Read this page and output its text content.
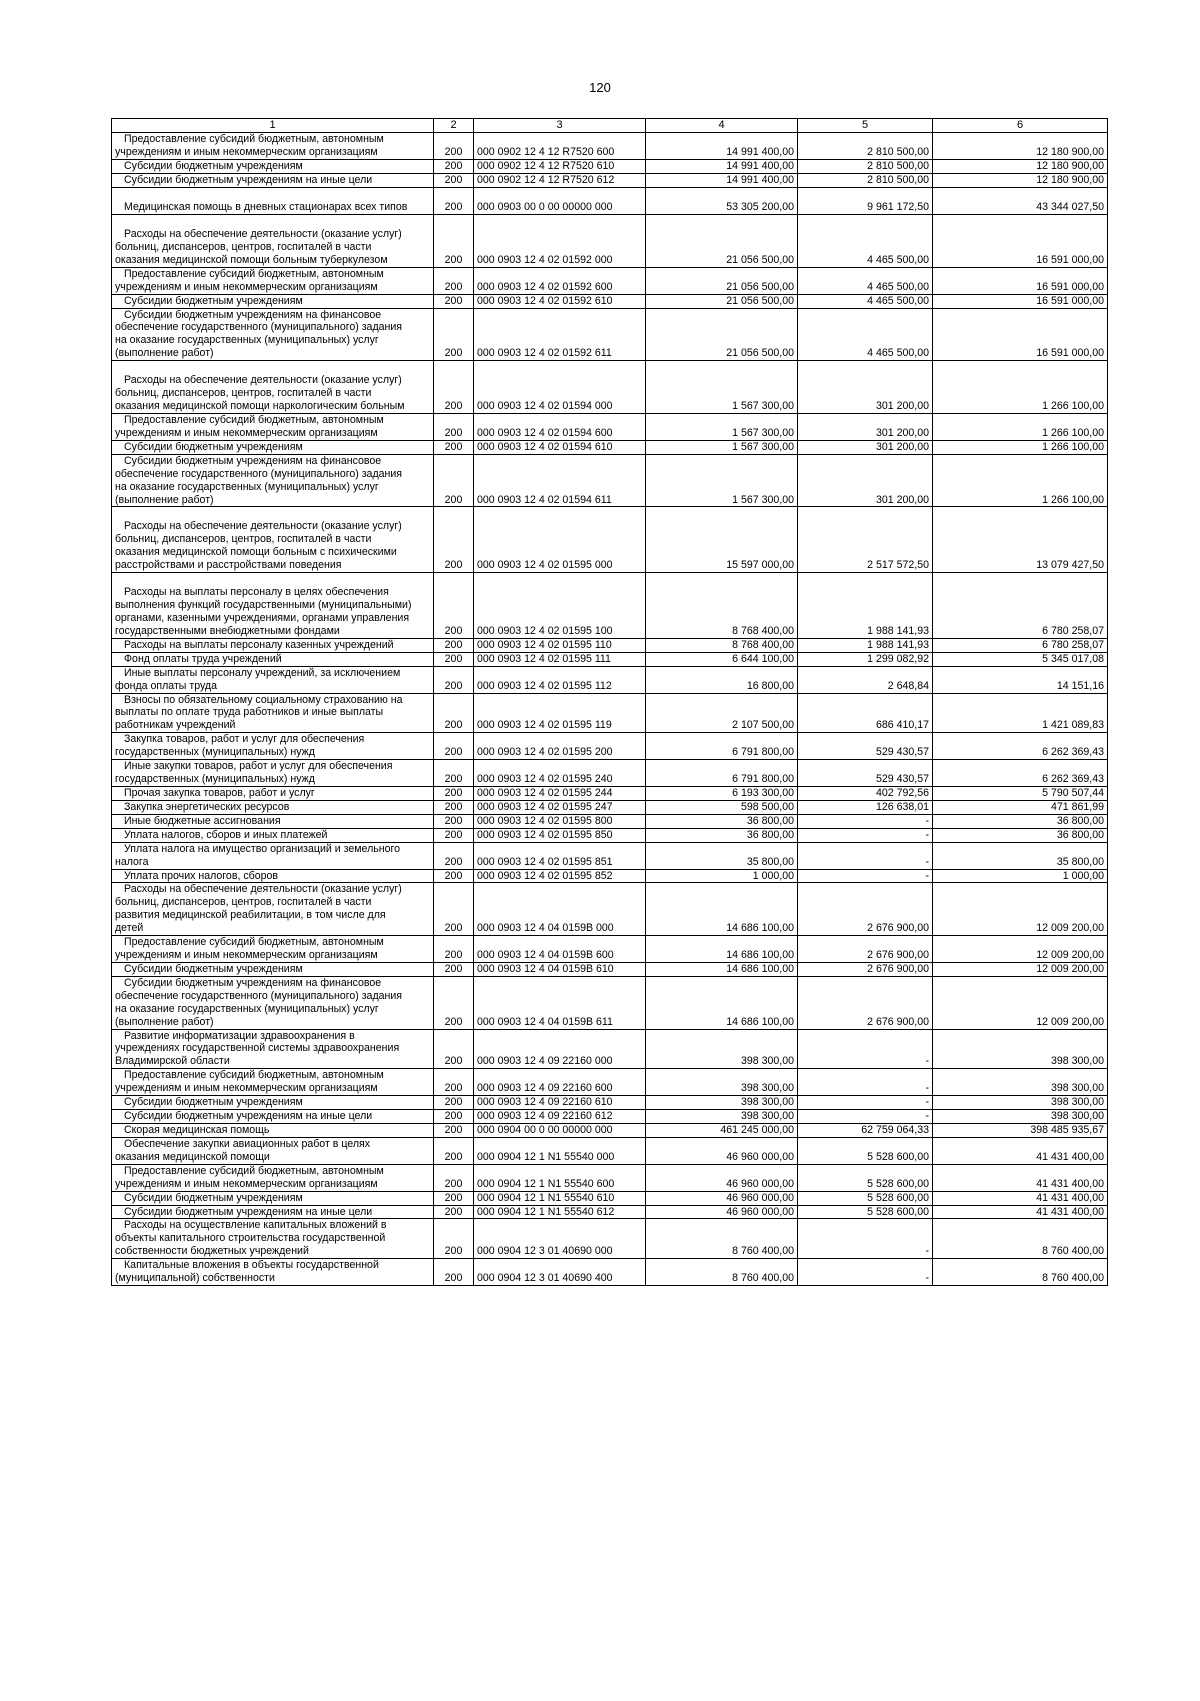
120
1	2	3	4	5	6

Предоставление субсидий бюджетным, автономным
учреждениям и иным некоммерческим организациям	200	000 0902 12 4 12 R7520 600	14 991 400,00	2 810 500,00	12 180 900,00

Субсидии бюджетным учреждениям	200	000 0902 12 4 12 R7520 610	14 991 400,00	2 810 500,00	12 180 900,00

Субсидии бюджетным учреждениям на иные цели	200	000 0902 12 4 12 R7520 612	14 991 400,00	2 810 500,00	12 180 900,00

Медицинская помощь в дневных стационарах всех типов	200	000 0903 00 0 00 00000 000	53 305 200,00	9 961 172,50	43 344 027,50

Расходы на обеспечение деятельности (оказание услуг)
больниц, диспансеров, центров, госпиталей в части
оказания медицинской помощи больным туберкулезом	200	000 0903 12 4 02 01592 000	21 056 500,00	4 465 500,00	16 591 000,00

Предоставление субсидий бюджетным, автономным
учреждениям и иным некоммерческим организациям	200	000 0903 12 4 02 01592 600	21 056 500,00	4 465 500,00	16 591 000,00

Субсидии бюджетным учреждениям	200	000 0903 12 4 02 01592 610	21 056 500,00	4 465 500,00	16 591 000,00

Субсидии бюджетным учреждениям на финансовое
обеспечение государственного (муниципального) задания
на оказание государственных (муниципальных) услуг
(выполнение работ)	200	000 0903 12 4 02 01592 611	21 056 500,00	4 465 500,00	16 591 000,00

Расходы на обеспечение деятельности (оказание услуг)
больниц, диспансеров, центров, госпиталей в части
оказания медицинской помощи наркологическим больным	200	000 0903 12 4 02 01594 000	1 567 300,00	301 200,00	1 266 100,00

Предоставление субсидий бюджетным, автономным
учреждениям и иным некоммерческим организациям	200	000 0903 12 4 02 01594 600	1 567 300,00	301 200,00	1 266 100,00

Субсидии бюджетным учреждениям	200	000 0903 12 4 02 01594 610	1 567 300,00	301 200,00	1 266 100,00

Субсидии бюджетным учреждениям на финансовое
обеспечение государственного (муниципального) задания
на оказание государственных (муниципальных) услуг
(выполнение работ)	200	000 0903 12 4 02 01594 611	1 567 300,00	301 200,00	1 266 100,00

Расходы на обеспечение деятельности (оказание услуг)
больниц, диспансеров, центров, госпиталей в части
оказания медицинской помощи больным с психическими
расстройствами и расстройствами поведения	200	000 0903 12 4 02 01595 000	15 597 000,00	2 517 572,50	13 079 427,50

Расходы на выплаты персоналу в целях обеспечения
выполнения функций государственными (муниципальными)
органами, казенными учреждениями, органами управления
государственными внебюджетными фондами	200	000 0903 12 4 02 01595 100	8 768 400,00	1 988 141,93	6 780 258,07

Расходы на выплаты персоналу казенных учреждений	200	000 0903 12 4 02 01595 110	8 768 400,00	1 988 141,93	6 780 258,07

Фонд оплаты труда учреждений	200	000 0903 12 4 02 01595 111	6 644 100,00	1 299 082,92	5 345 017,08

Иные выплаты персоналу учреждений, за исключением
фонда оплаты труда	200	000 0903 12 4 02 01595 112	16 800,00	2 648,84	14 151,16

Взносы по обязательному социальному страхованию на
выплаты по оплате труда работников и иные выплаты
работникам учреждений	200	000 0903 12 4 02 01595 119	2 107 500,00	686 410,17	1 421 089,83

Закупка товаров, работ и услуг для обеспечения
государственных (муниципальных) нужд	200	000 0903 12 4 02 01595 200	6 791 800,00	529 430,57	6 262 369,43

Иные закупки товаров, работ и услуг для обеспечения
государственных (муниципальных) нужд	200	000 0903 12 4 02 01595 240	6 791 800,00	529 430,57	6 262 369,43

Прочая закупка товаров, работ и услуг	200	000 0903 12 4 02 01595 244	6 193 300,00	402 792,56	5 790 507,44

Закупка энергетических ресурсов	200	000 0903 12 4 02 01595 247	598 500,00	126 638,01	471 861,99

Иные бюджетные ассигнования	200	000 0903 12 4 02 01595 800	36 800,00	-	36 800,00

Уплата налогов, сборов и иных платежей	200	000 0903 12 4 02 01595 850	36 800,00	-	36 800,00

Уплата налога на имущество организаций и земельного
налога	200	000 0903 12 4 02 01595 851	35 800,00	-	35 800,00

Уплата прочих налогов, сборов	200	000 0903 12 4 02 01595 852	1 000,00	-	1 000,00

Расходы на обеспечение деятельности (оказание услуг)
больниц, диспансеров, центров, госпиталей в части
развития медицинской реабилитации, в том числе для
детей	200	000 0903 12 4 04 0159В 000	14 686 100,00	2 676 900,00	12 009 200,00

Предоставление субсидий бюджетным, автономным
учреждениям и иным некоммерческим организациям	200	000 0903 12 4 04 0159В 600	14 686 100,00	2 676 900,00	12 009 200,00

Субсидии бюджетным учреждениям	200	000 0903 12 4 04 0159В 610	14 686 100,00	2 676 900,00	12 009 200,00

Субсидии бюджетным учреждениям на финансовое
обеспечение государственного (муниципального) задания
на оказание государственных (муниципальных) услуг
(выполнение работ)	200	000 0903 12 4 04 0159В 611	14 686 100,00	2 676 900,00	12 009 200,00

Развитие информатизации здравоохранения в
учреждениях государственной системы здравоохранения
Владимирской области	200	000 0903 12 4 09 22160 000	398 300,00	-	398 300,00

Предоставление субсидий бюджетным, автономным
учреждениям и иным некоммерческим организациям	200	000 0903 12 4 09 22160 600	398 300,00	-	398 300,00

Субсидии бюджетным учреждениям	200	000 0903 12 4 09 22160 610	398 300,00	-	398 300,00

Субсидии бюджетным учреждениям на иные цели	200	000 0903 12 4 09 22160 612	398 300,00	-	398 300,00

Скорая медицинская помощь	200	000 0904 00 0 00 00000 000	461 245 000,00	62 759 064,33	398 485 935,67

Обеспечение закупки авиационных работ в целях
оказания медицинской помощи	200	000 0904 12 1 N1 55540 000	46 960 000,00	5 528 600,00	41 431 400,00

Предоставление субсидий бюджетным, автономным
учреждениям и иным некоммерческим организациям	200	000 0904 12 1 N1 55540 600	46 960 000,00	5 528 600,00	41 431 400,00

Субсидии бюджетным учреждениям	200	000 0904 12 1 N1 55540 610	46 960 000,00	5 528 600,00	41 431 400,00

Субсидии бюджетным учреждениям на иные цели	200	000 0904 12 1 N1 55540 612	46 960 000,00	5 528 600,00	41 431 400,00

Расходы на осуществление капитальных вложений в
объекты капитального строительства государственной
собственности бюджетных учреждений	200	000 0904 12 3 01 40690 000	8 760 400,00	-	8 760 400,00

Капитальные вложения в объекты государственной
(муниципальной) собственности	200	000 0904 12 3 01 40690 400	8 760 400,00	-	8 760 400,00
